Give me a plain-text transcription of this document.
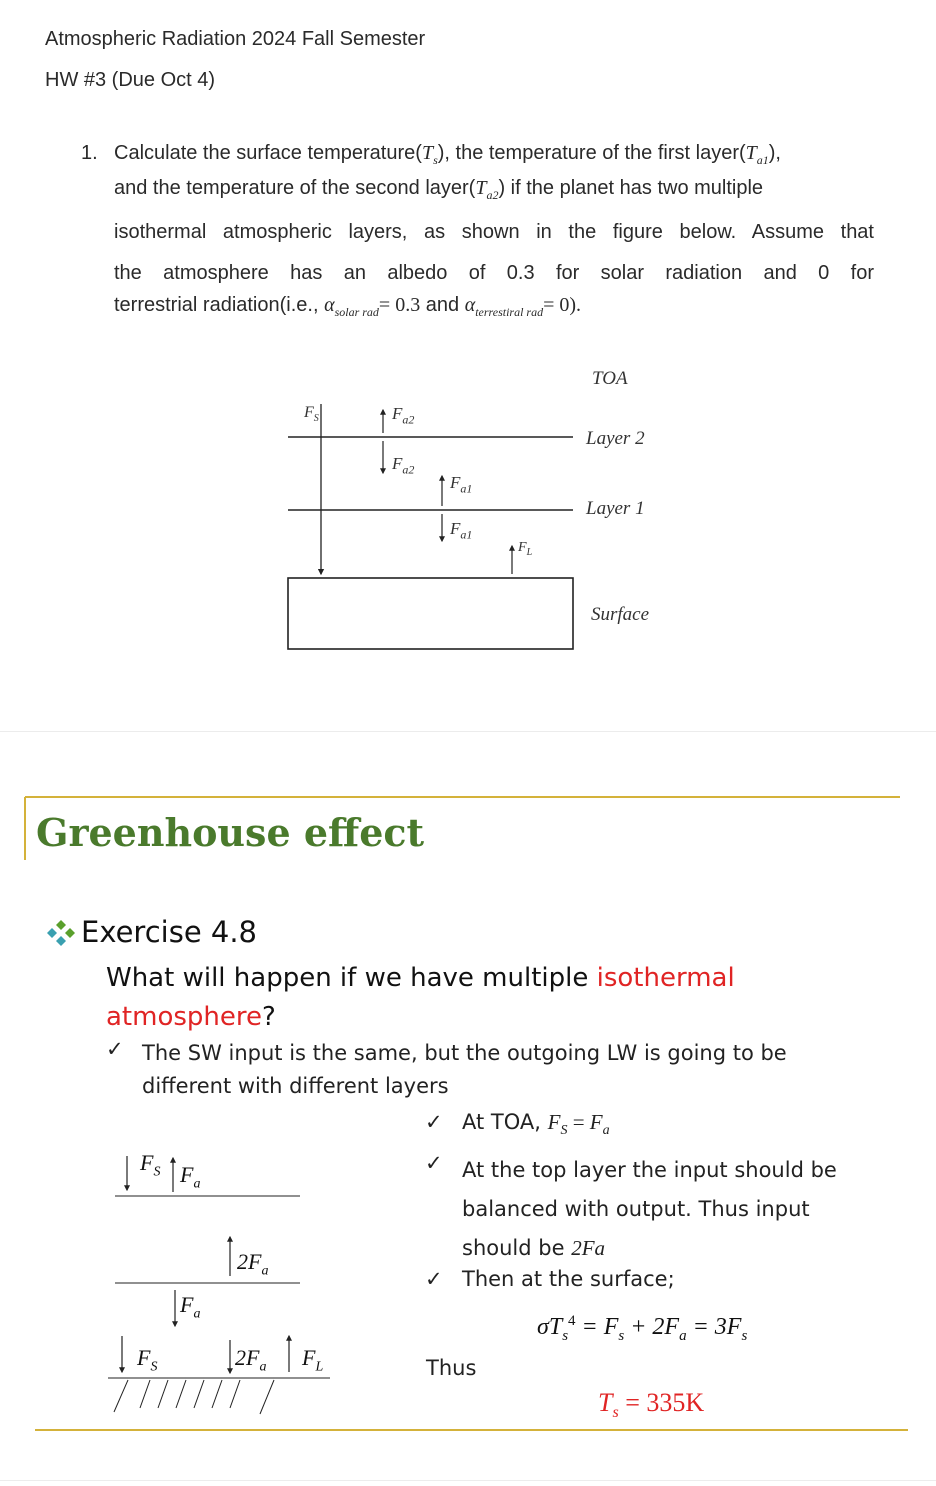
Atmospheric Radiation 2024 Fall Semester
HW #3 (Due Oct 4)
1. Calculate the surface $temperature(T_s)$, the temperature of the first $layer(T_{a1})$,
and the temperature of the second $layer(T_{a2})$ if the planet has two multiple
isothermal atmospheric layers, as shown in the figure below. Assume that
the atmosphere has an albedo of 0.3 for solar radiation and 0 for
terrestrial radiation(i.e., $\alpha_{solar rad}= 0.3$ and $\alpha_{terrestiral rad}= 0$).
TOA
Layer 2
Layer 1
Surface
$F_S$	$F_{a2}$
$F_{a2}$
$F_{a1}$
$F_{a1}$
$F_L$
Greenhouse effect
Exercise 4.8
What will happen if we have multiple isothermal
atmosphere?
✓ The SW input is the same, but the outgoing LW is going to be
different with different layers
✓ At TOA, $F_S = F_a$
✓ At the top layer the input should be
balanced with output. Thus input
should be 2Fa
✓ Then at the surface;
$\sigma T_s^4 = F_s + 2F_a = 3F_s$
Thus
$T_s = 335K$
$F_S$ $F_a$
$2F_a$
$F_a$
$F_S$	$2F_a$ $F_L$
